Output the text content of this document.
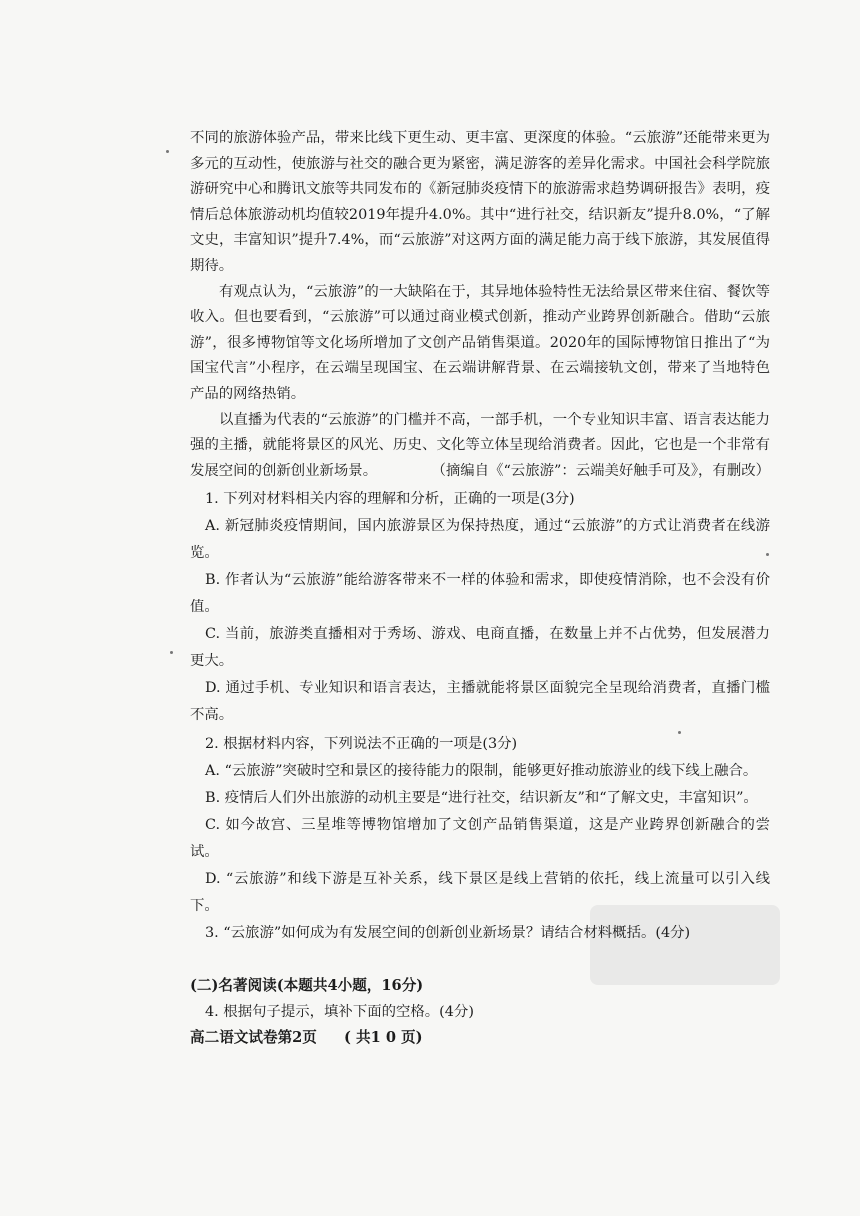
不同的旅游体验产品，带来比线下更生动、更丰富、更深度的体验。“云旅游”还能带来更为多元的互动性，使旅游与社交的融合更为紧密，满足游客的差异化需求。中国社会科学院旅游研究中心和腾讯文旅等共同发布的《新冠肺炎疫情下的旅游需求趋势调研报告》表明，疫情后总体旅游动机均值较2019年提升4.0%。其中“进行社交，结识新友”提升8.0%，“了解文史，丰富知识”提升7.4%，而“云旅游”对这两方面的满足能力高于线下旅游，其发展值得期待。

有观点认为，“云旅游”的一大缺陷在于，其异地体验特性无法给景区带来住宿、餐饮等收入。但也要看到，“云旅游”可以通过商业模式创新，推动产业跨界创新融合。借助“云旅游”，很多博物馆等文化场所增加了文创产品销售渠道。2020年的国际博物馆日推出了“为国宝代言”小程序，在云端呈现国宝、在云端讲解背景、在云端接轨文创，带来了当地特色产品的网络热销。

以直播为代表的“云旅游”的门槛并不高，一部手机，一个专业知识丰富、语言表达能力强的主播，就能将景区的风光、历史、文化等立体呈现给消费者。因此，它也是一个非常有发展空间的创新创业新场景。	（摘编自《“云旅游”：云端美好触手可及》，有删改）

1. 下列对材料相关内容的理解和分析，正确的一项是(3分)

A. 新冠肺炎疫情期间，国内旅游景区为保持热度，通过“云旅游”的方式让消费者在线游览。

B. 作者认为“云旅游”能给游客带来不一样的体验和需求，即使疫情消除，也不会没有价值。

C. 当前，旅游类直播相对于秀场、游戏、电商直播，在数量上并不占优势，但发展潜力更大。

D. 通过手机、专业知识和语言表达，主播就能将景区面貌完全呈现给消费者，直播门槛不高。

2. 根据材料内容，下列说法不正确的一项是(3分)

A. “云旅游”突破时空和景区的接待能力的限制，能够更好推动旅游业的线下线上融合。

B. 疫情后人们外出旅游的动机主要是“进行社交，结识新友”和“了解文史，丰富知识”。

C. 如今故宫、三星堆等博物馆增加了文创产品销售渠道，这是产业跨界创新融合的尝试。

D. “云旅游”和线下游是互补关系，线下景区是线上营销的依托，线上流量可以引入线下。

3. “云旅游”如何成为有发展空间的创新创业新场景？请结合材料概括。(4分)

(二)名著阅读(本题共4小题，16分)

4. 根据句子提示，填补下面的空格。(4分)

高二语文试卷第2页 ( 共1 0 页)
